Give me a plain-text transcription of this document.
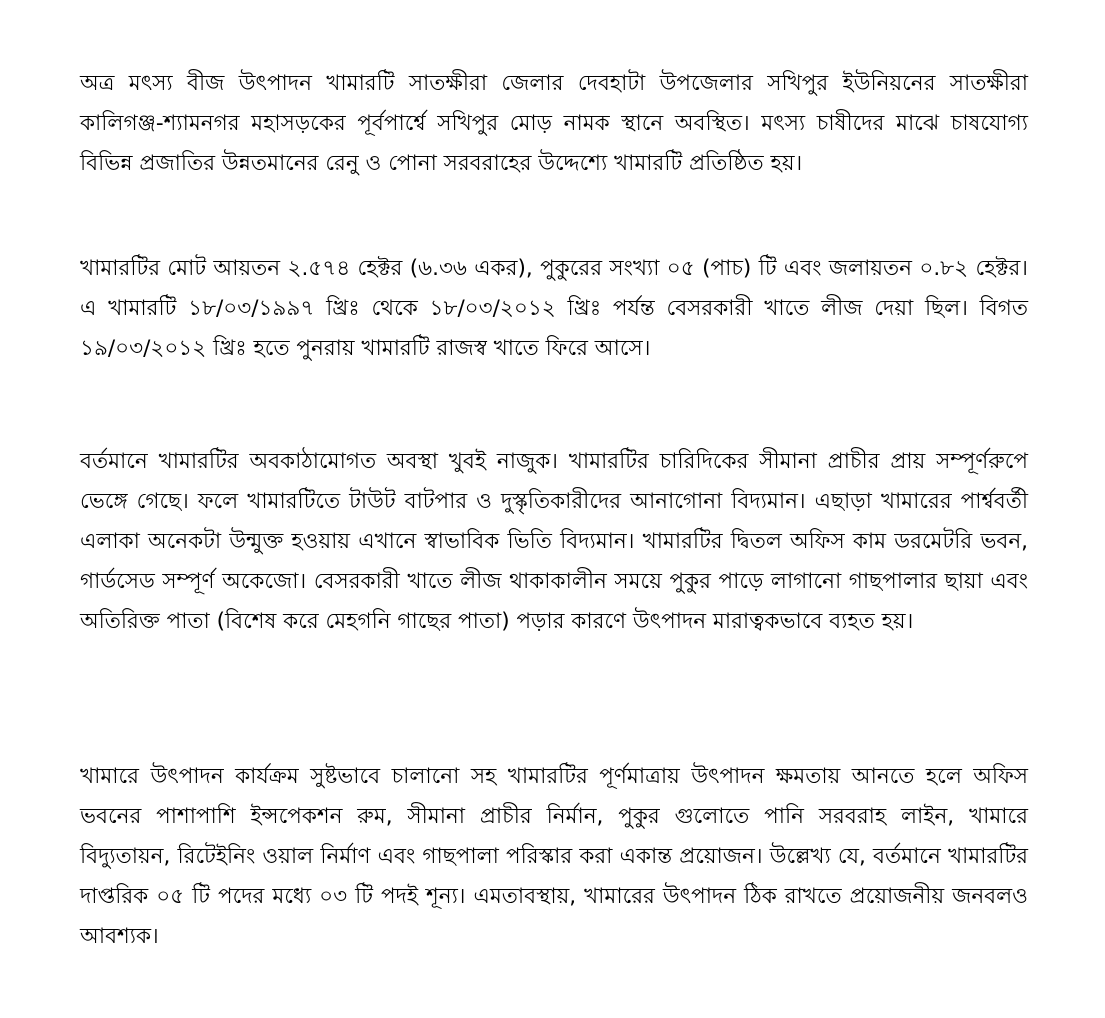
অত্র মৎস্য বীজ উৎপাদন খামারটি সাতক্ষীরা জেলার দেবহাটা উপজেলার সখিপুর ইউনিয়নের সাতক্ষীরা কালিগঞ্জ-শ্যামনগর মহাসড়কের পূর্বপার্শ্বে সখিপুর মোড় নামক স্থানে অবস্থিত। মৎস্য চাষীদের মাঝে চাষযোগ্য বিভিন্ন প্রজাতির উন্নতমানের রেনু ও পোনা সরবরাহের উদ্দেশ্যে খামারটি প্রতিষ্ঠিত হয়।

খামারটির মোট আয়তন ২.৫৭৪ হেক্টর (৬.৩৬ একর), পুকুরের সংখ্যা ০৫ (পাচ) টি এবং জলায়তন ০.৮২ হেক্টর। এ খামারটি ১৮/০৩/১৯৯৭ খ্রিঃ থেকে ১৮/০৩/২০১২ খ্রিঃ পর্যন্ত বেসরকারী খাতে লীজ দেয়া ছিল। বিগত ১৯/০৩/২০১২ খ্রিঃ হতে পুনরায় খামারটি রাজস্ব খাতে ফিরে আসে।

বর্তমানে খামারটির অবকাঠামোগত অবস্থা খুবই নাজুক। খামারটির চারিদিকের সীমানা প্রাচীর প্রায় সম্পূর্ণরুপে ভেঙ্গে গেছে। ফলে খামারটিতে টাউট বাটপার ও দুস্কৃতিকারীদের আনাগোনা বিদ্যমান। এছাড়া খামারের পার্শ্ববর্তী এলাকা অনেকটা উন্মুক্ত হওয়ায় এখানে স্বাভাবিক ভিতি বিদ্যমান। খামারটির দ্বিতল অফিস কাম ডরমেটরি ভবন, গার্ডসেড সম্পূর্ণ অকেজো। বেসরকারী খাতে লীজ থাকাকালীন সময়ে পুকুর পাড়ে লাগানো গাছপালার ছায়া এবং অতিরিক্ত পাতা (বিশেষ করে মেহগনি গাছের পাতা) পড়ার কারণে উৎপাদন মারাত্বকভাবে ব্যহত হয়।

খামারে উৎপাদন কার্যক্রম সুষ্টভাবে চালানো সহ খামারটির পূর্ণমাত্রায় উৎপাদন ক্ষমতায় আনতে হলে অফিস ভবনের পাশাপাশি ইন্সপেকশন রুম, সীমানা প্রাচীর নির্মান, পুকুর গুলোতে পানি সরবরাহ লাইন, খামারে বিদ্যুতায়ন, রিটেইনিং ওয়াল নির্মাণ এবং গাছপালা পরিস্কার করা একান্ত প্রয়োজন। উল্লেখ্য যে, বর্তমানে খামারটির দাপ্তরিক ০৫ টি পদের মধ্যে ০৩ টি পদই শূন্য। এমতাবস্থায়, খামারের উৎপাদন ঠিক রাখতে প্রয়োজনীয় জনবলও আবশ্যক।
